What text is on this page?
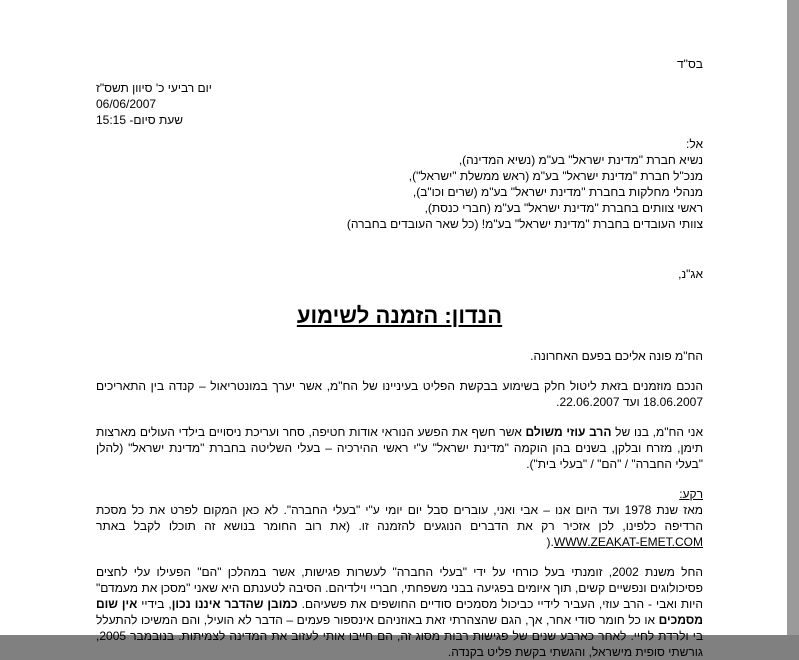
בס"ד
יום רביעי כ' סיוון תשס"ז
06/06/2007
שעת סיום- 15:15
אל:
נשיא חברת "מדינת ישראל" בע"מ (נשיא המדינה),
מנכ"ל חברת "מדינת ישראל" בע"מ (ראש ממשלת "ישראל"),
מנהלי מחלקות בחברת "מדינת ישראל" בע"מ (שרים וכו"ב),
ראשי צוותים בחברת "מדינת ישראל" בע"מ (חברי כנסת),
צוותי העובדים בחברת "מדינת ישראל" בע"מ! (כל שאר העובדים בחברה)
אג"נ,
הנדון: הזמנה לשימוע
הח"מ פונה אליכם בפעם האחרונה.
הנכם מוזמנים בזאת ליטול חלק בשימוע בבקשת הפליט בעיניינו של הח"מ, אשר יערך במונטריאול – קנדה בין התאריכים 18.06.2007 ועד 22.06.2007.
אני הח"מ, בנו של הרב עוזי משולם אשר חשף את הפשע הנוראי אודות חטיפה, סחר ועריכת ניסויים בילדי העולים מארצות תימן, מזרח ובלקן, בשנים בהן הוקמה "מדינת ישראל" ע"י ראשי ההירכיה – בעלי השליטה בחברת "מדינת ישראל" (להלן "בעלי החברה" / "הם" / "בעלי בית").
רקע:
מאז שנת 1978 ועד היום אנו – אבי ואני, עוברים סבל יום יומי ע"י "בעלי החברה". לא כאן המקום לפרט את כל מסכת הרדיפה כלפינו, לכן אזכיר רק את הדברים הנוגעים להזמנה זו. (את רוב החומר בנושא זה תוכלו לקבל באתר ).WWW.ZEAKAT-EMET.COM
החל משנת 2002, זומנתי בעל כורחי על ידי "בעלי החברה" לעשרות פגישות, אשר במהלכן "הם" הפעילו עלי לחצים פסיכולוגים ונפשיים קשים, תוך איומים בפגיעה בבני משפחתי, חבריי וילדיהם. הסיבה לטענתם היא שאני "מסכן את מעמדם" היות ואבי - הרב עוזי, העביר לידיי כביכול מסמכים סודיים החושפים את פשעיהם. כמובן שהדבר איננו נכון, בידיי אין שום מסמכים או כל חומר סודי אחר, אך, הגם שהצהרתי זאת באוזניהם אינספור פעמים – הדבר לא הועיל, והם המשיכו להתעלל בי ולרדת לחיי. לאחר כארבע שנים של פגישות רבות מסוג זה, הם חייבו אותי לעזוב את המדינה לצמיתות. בנובמבר 2005, גורשתי סופית מישראל, והגשתי בקשת פליט בקנדה.
